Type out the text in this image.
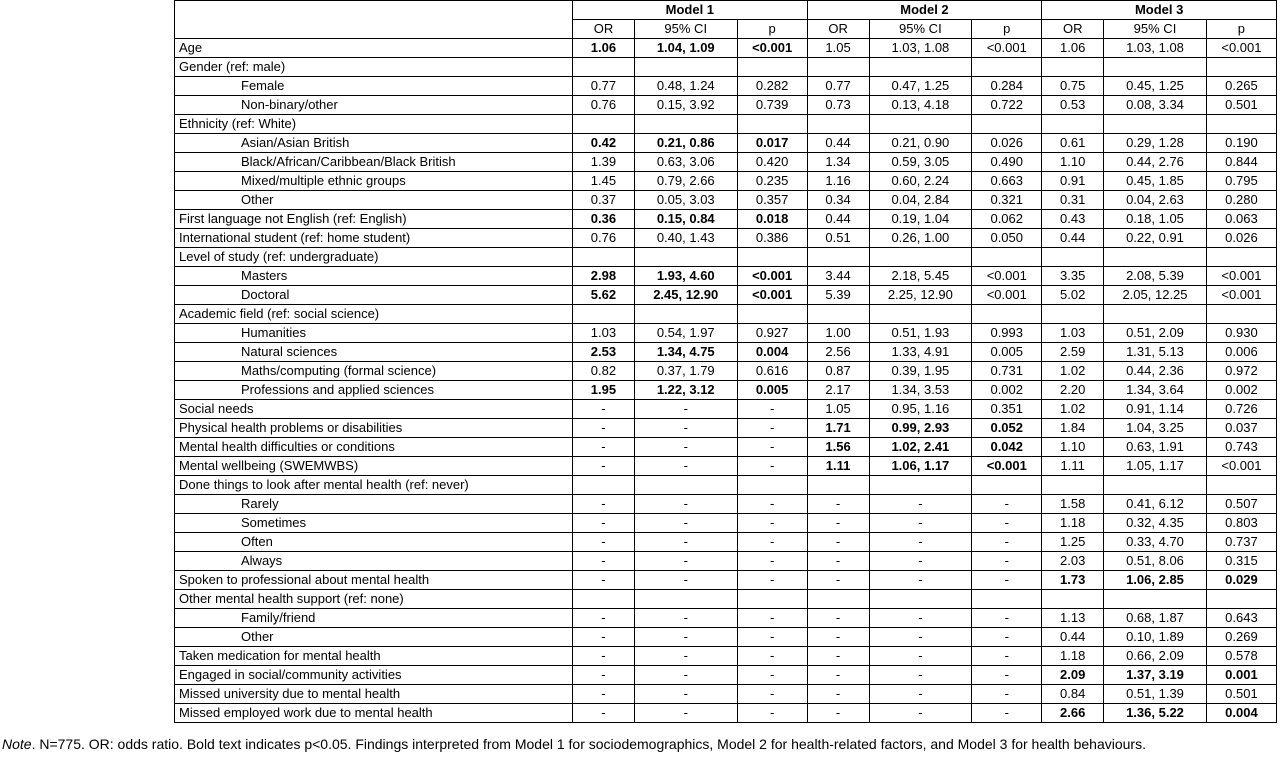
	Model 1			Model 2			Model 3		
	OR	95% CI	p	OR	95% CI	p	OR	95% CI	p
Age	1.06	1.04, 1.09	<0.001	1.05	1.03, 1.08	<0.001	1.06	1.03, 1.08	<0.001
Gender (ref: male)									
Female	0.77	0.48, 1.24	0.282	0.77	0.47, 1.25	0.284	0.75	0.45, 1.25	0.265
Non-binary/other	0.76	0.15, 3.92	0.739	0.73	0.13, 4.18	0.722	0.53	0.08, 3.34	0.501
Ethnicity (ref: White)									
Asian/Asian British	0.42	0.21, 0.86	0.017	0.44	0.21, 0.90	0.026	0.61	0.29, 1.28	0.190
Black/African/Caribbean/Black British	1.39	0.63, 3.06	0.420	1.34	0.59, 3.05	0.490	1.10	0.44, 2.76	0.844
Mixed/multiple ethnic groups	1.45	0.79, 2.66	0.235	1.16	0.60, 2.24	0.663	0.91	0.45, 1.85	0.795
Other	0.37	0.05, 3.03	0.357	0.34	0.04, 2.84	0.321	0.31	0.04, 2.63	0.280
First language not English (ref: English)	0.36	0.15, 0.84	0.018	0.44	0.19, 1.04	0.062	0.43	0.18, 1.05	0.063
International student (ref: home student)	0.76	0.40, 1.43	0.386	0.51	0.26, 1.00	0.050	0.44	0.22, 0.91	0.026
Level of study (ref: undergraduate)									
Masters	2.98	1.93, 4.60	<0.001	3.44	2.18, 5.45	<0.001	3.35	2.08, 5.39	<0.001
Doctoral	5.62	2.45, 12.90	<0.001	5.39	2.25, 12.90	<0.001	5.02	2.05, 12.25	<0.001
Academic field (ref: social science)									
Humanities	1.03	0.54, 1.97	0.927	1.00	0.51, 1.93	0.993	1.03	0.51, 2.09	0.930
Natural sciences	2.53	1.34, 4.75	0.004	2.56	1.33, 4.91	0.005	2.59	1.31, 5.13	0.006
Maths/computing (formal science)	0.82	0.37, 1.79	0.616	0.87	0.39, 1.95	0.731	1.02	0.44, 2.36	0.972
Professions and applied sciences	1.95	1.22, 3.12	0.005	2.17	1.34, 3.53	0.002	2.20	1.34, 3.64	0.002
Social needs	-	-	-	1.05	0.95, 1.16	0.351	1.02	0.91, 1.14	0.726
Physical health problems or disabilities	-	-	-	1.71	0.99, 2.93	0.052	1.84	1.04, 3.25	0.037
Mental health difficulties or conditions	-	-	-	1.56	1.02, 2.41	0.042	1.10	0.63, 1.91	0.743
Mental wellbeing (SWEMWBS)	-	-	-	1.11	1.06, 1.17	<0.001	1.11	1.05, 1.17	<0.001
Done things to look after mental health (ref: never)									
Rarely	-	-	-	-	-	-	1.58	0.41, 6.12	0.507
Sometimes	-	-	-	-	-	-	1.18	0.32, 4.35	0.803
Often	-	-	-	-	-	-	1.25	0.33, 4.70	0.737
Always	-	-	-	-	-	-	2.03	0.51, 8.06	0.315
Spoken to professional about mental health	-	-	-	-	-	-	1.73	1.06, 2.85	0.029
Other mental health support (ref: none)									
Family/friend	-	-	-	-	-	-	1.13	0.68, 1.87	0.643
Other	-	-	-	-	-	-	0.44	0.10, 1.89	0.269
Taken medication for mental health	-	-	-	-	-	-	1.18	0.66, 2.09	0.578
Engaged in social/community activities	-	-	-	-	-	-	2.09	1.37, 3.19	0.001
Missed university due to mental health	-	-	-	-	-	-	0.84	0.51, 1.39	0.501
Missed employed work due to mental health	-	-	-	-	-	-	2.66	1.36, 5.22	0.004
Note. N=775. OR: odds ratio. Bold text indicates p<0.05. Findings interpreted from Model 1 for sociodemographics, Model 2 for health-related factors, and Model 3 for health behaviours.
